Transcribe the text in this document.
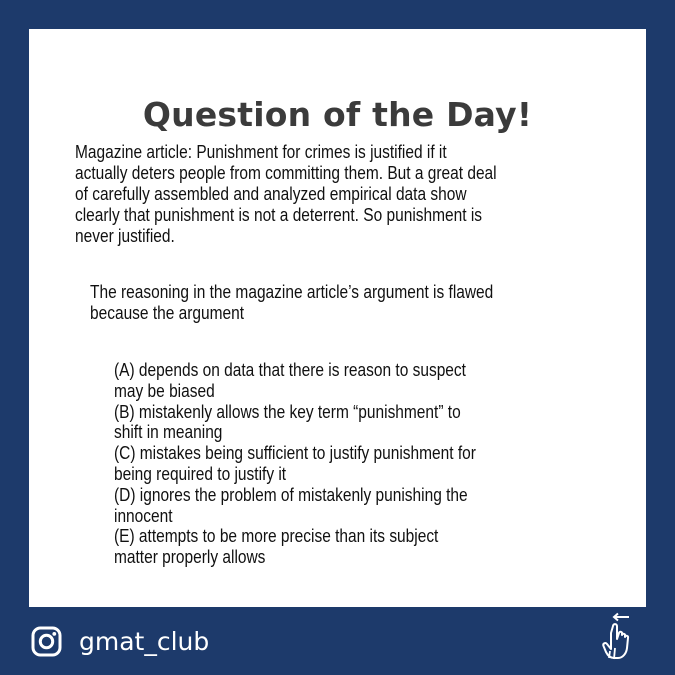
Question of the Day!
Magazine article: Punishment for crimes is justified if it
actually deters people from committing them. But a great deal
of carefully assembled and analyzed empirical data show
clearly that punishment is not a deterrent. So punishment is
never justified.
The reasoning in the magazine article’s argument is flawed
because the argument
(A) depends on data that there is reason to suspect
may be biased
(B) mistakenly allows the key term “punishment” to
shift in meaning
(C) mistakes being sufficient to justify punishment for
being required to justify it
(D) ignores the problem of mistakenly punishing the
innocent
(E) attempts to be more precise than its subject
matter properly allows
gmat_club
